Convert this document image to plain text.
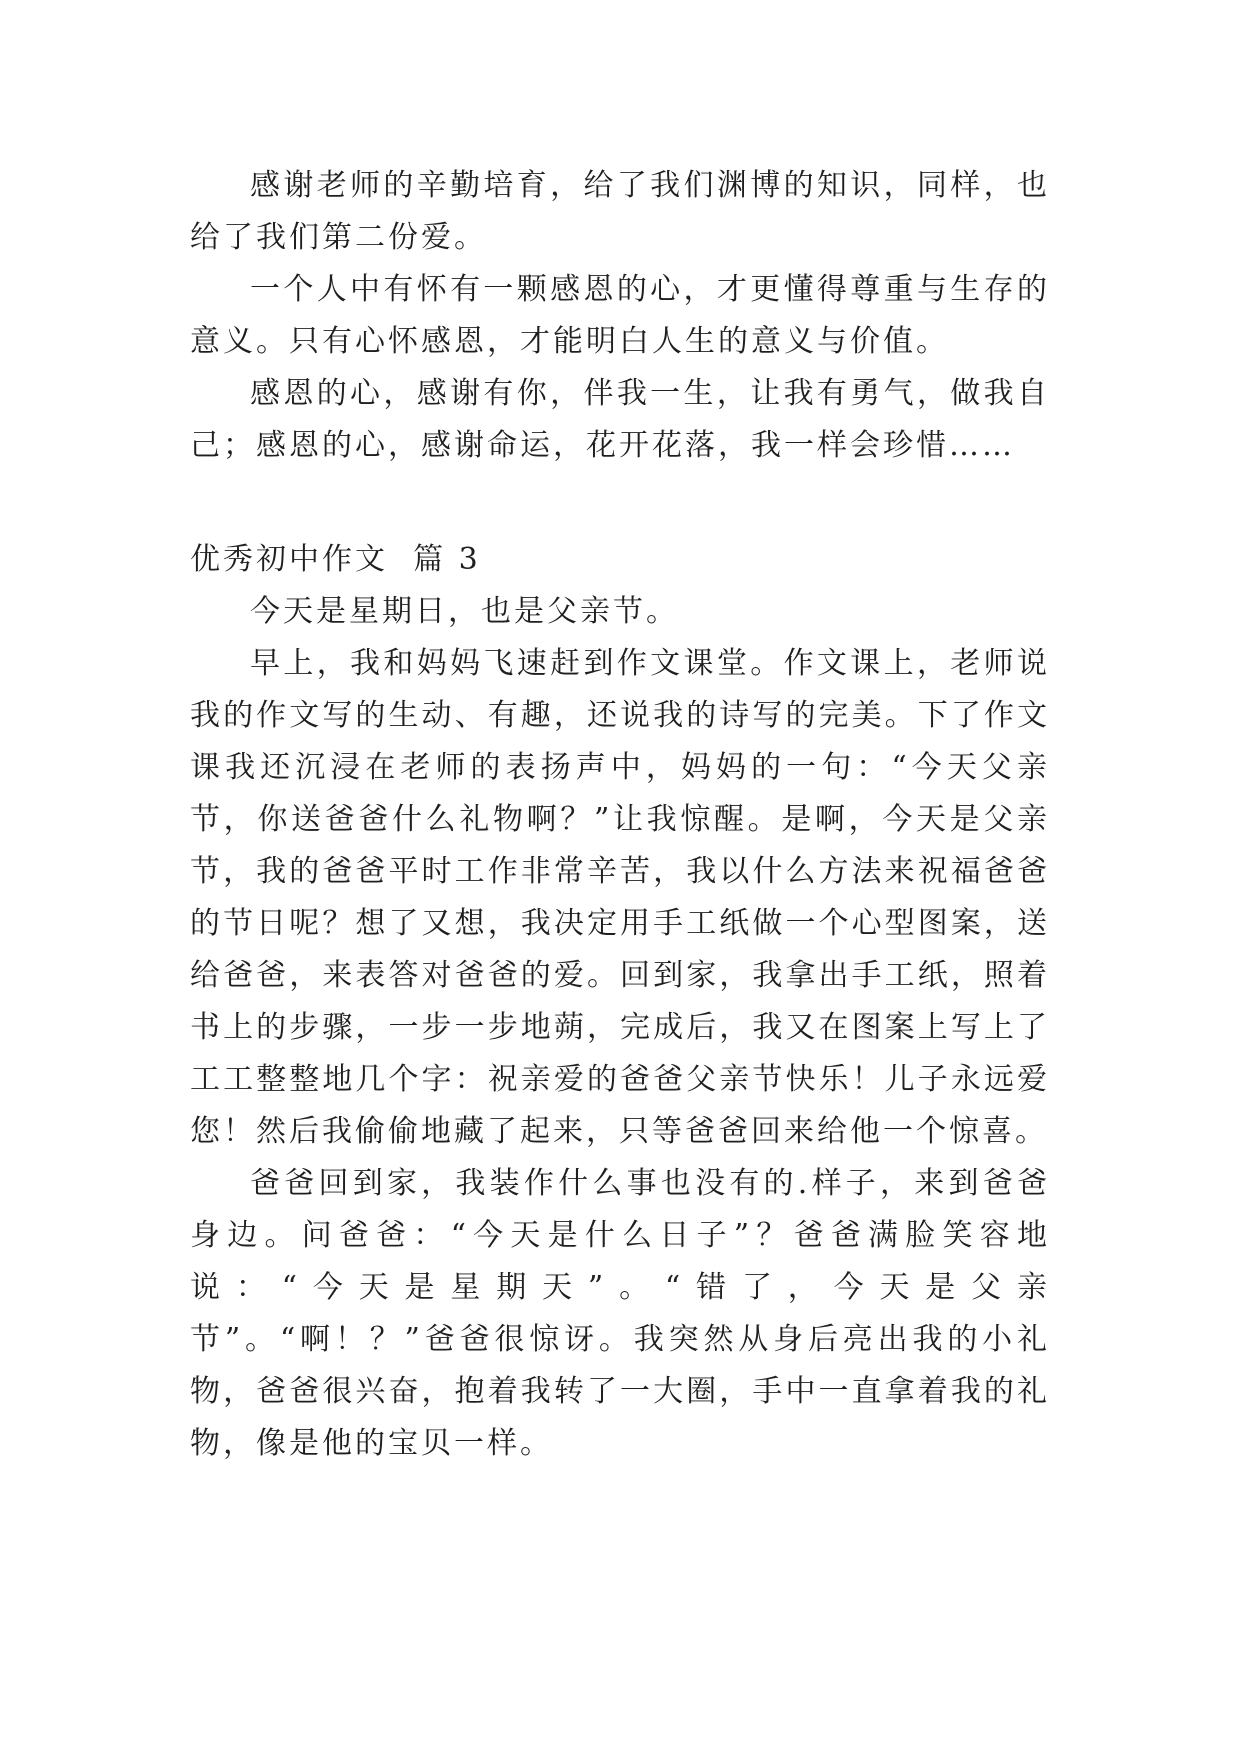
感谢老师的辛勤培育，给了我们渊博的知识，同样，也给了我们第二份爱。

一个人中有怀有一颗感恩的心，才更懂得尊重与生存的意义。只有心怀感恩，才能明白人生的意义与价值。

感恩的心，感谢有你，伴我一生，让我有勇气，做我自己；感恩的心，感谢命运，花开花落，我一样会珍惜……

优秀初中作文 篇 3

今天是星期日，也是父亲节。

早上，我和妈妈飞速赶到作文课堂。作文课上，老师说我的作文写的生动、有趣，还说我的诗写的完美。下了作文课我还沉浸在老师的表扬声中，妈妈的一句：“今天父亲节，你送爸爸什么礼物啊？”让我惊醒。是啊，今天是父亲节，我的爸爸平时工作非常辛苦，我以什么方法来祝福爸爸的节日呢？想了又想，我决定用手工纸做一个心型图案，送给爸爸，来表答对爸爸的爱。回到家，我拿出手工纸，照着书上的步骤，一步一步地蒴，完成后，我又在图案上写上了工工整整地几个字：祝亲爱的爸爸父亲节快乐！儿子永远爱您！然后我偷偷地藏了起来，只等爸爸回来给他一个惊喜。

爸爸回到家，我装作什么事也没有的.样子，来到爸爸身边。问爸爸：“今天是什么日子”？爸爸满脸笑容地说：“今天是星期天”。“错了，今天是父亲节”。“啊！？”爸爸很惊讶。我突然从身后亮出我的小礼物，爸爸很兴奋，抱着我转了一大圈，手中一直拿着我的礼物，像是他的宝贝一样。
